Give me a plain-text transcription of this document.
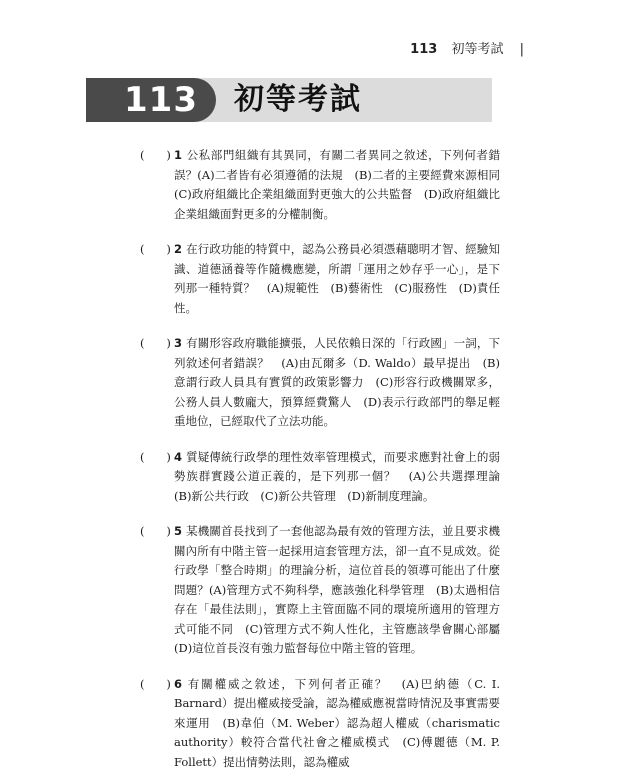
113 初等考試 |
113	初等考試
(      ) 1 公私部門組織有其異同，有關二者異同之敘述，下列何者錯誤？(A)二者皆有必須遵循的法規　(B)二者的主要經費來源相同　(C)政府組織比企業組織面對更強大的公共監督　(D)政府組織比企業組織面對更多的分權制衡。
(      ) 2 在行政功能的特質中，認為公務員必須憑藉聰明才智、經驗知識、道德涵養等作隨機應變，所謂「運用之妙存乎一心」，是下列那一種特質？　(A)規範性　(B)藝術性　(C)服務性　(D)責任性。
(      ) 3 有關形容政府職能擴張，人民依賴日深的「行政國」一詞，下列敘述何者錯誤？　(A)由瓦爾多（D. Waldo）最早提出　(B)意謂行政人員具有實質的政策影響力　(C)形容行政機關眾多，公務人員人數龐大，預算經費驚人　(D)表示行政部門的舉足輕重地位，已經取代了立法功能。
(      ) 4 質疑傳統行政學的理性效率管理模式，而要求應對社會上的弱勢族群實踐公道正義的，是下列那一個？　(A)公共選擇理論　(B)新公共行政　(C)新公共管理　(D)新制度理論。
(      ) 5 某機關首長找到了一套他認為最有效的管理方法，並且要求機關內所有中階主管一起採用這套管理方法，卻一直不見成效。從行政學「整合時期」的理論分析，這位首長的領導可能出了什麼問題？(A)管理方式不夠科學，應該強化科學管理　(B)太過相信存在「最佳法則」，實際上主管面臨不同的環境所適用的管理方式可能不同　(C)管理方式不夠人性化，主管應該學會關心部屬　(D)這位首長沒有強力監督每位中階主管的管理。
(      ) 6 有關權威之敘述，下列何者正確？　(A)巴納德（C. I. Barnard）提出權威接受論，認為權威應視當時情況及事實需要來運用　(B)韋伯（M. Weber）認為超人權威（charismatic authority）較符合當代社會之權威模式　(C)傅麗德（M. P. Follett）提出情勢法則，認為權威
